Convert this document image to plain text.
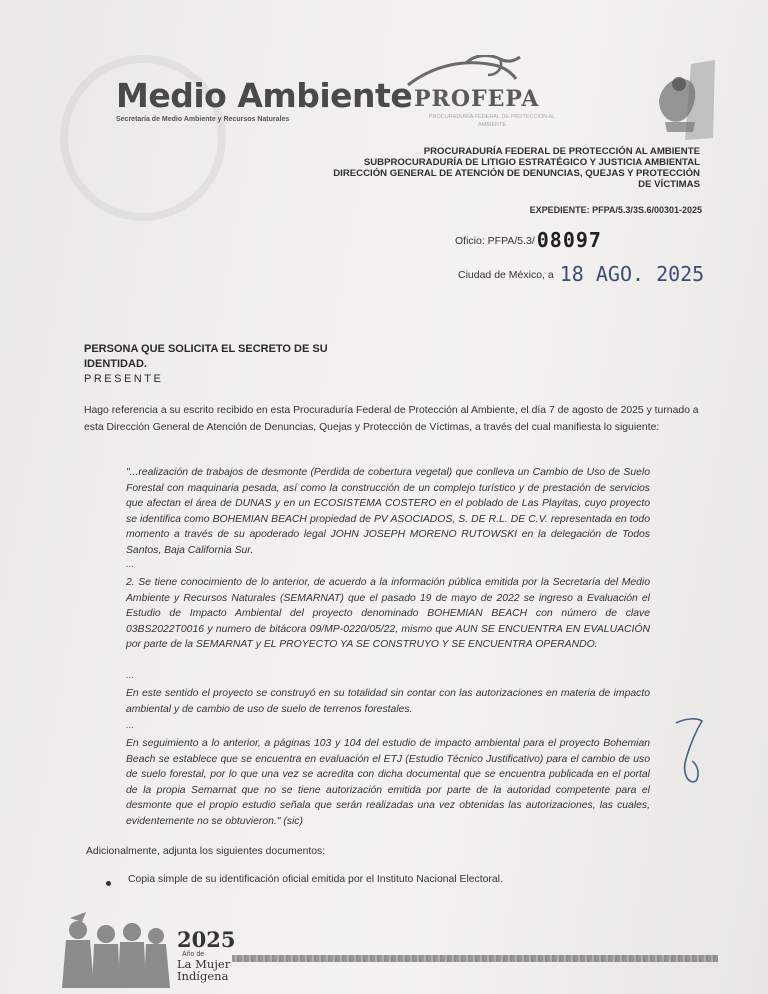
Medio Ambiente
Secretaría de Medio Ambiente y Recursos Naturales
PROFEPA
PROCURADURÍA FEDERAL DE PROTECCIÓN AL AMBIENTE
PROCURADURÍA FEDERAL DE PROTECCIÓN AL AMBIENTE
SUBPROCURADURÍA DE LITIGIO ESTRATÉGICO Y JUSTICIA AMBIENTAL
DIRECCIÓN GENERAL DE ATENCIÓN DE DENUNCIAS, QUEJAS Y PROTECCIÓN
DE VÍCTIMAS
EXPEDIENTE: PFPA/5.3/3S.6/00301-2025
Oficio: PFPA/5.3/ 08097
Ciudad de México, a 18 AGO. 2025
PERSONA QUE SOLICITA EL SECRETO DE SU IDENTIDAD.
PRESENTE
Hago referencia a su escrito recibido en esta Procuraduría Federal de Protección al Ambiente, el día 7 de agosto de 2025 y turnado a esta Dirección General de Atención de Denuncias, Quejas y Protección de Víctimas, a través del cual manifiesta lo siguiente:
"...realización de trabajos de desmonte (Perdida de cobertura vegetal) que conlleva un Cambio de Uso de Suelo Forestal con maquinaria pesada, así como la construcción de un complejo turístico y de prestación de servicios que afectan el área de DUNAS y en un ECOSISTEMA COSTERO en el poblado de Las Playitas, cuyo proyecto se identifica como BOHEMIAN BEACH propiedad de PV ASOCIADOS, S. DE R.L. DE C.V. representada en todo momento a través de su apoderado legal JOHN JOSEPH MORENO RUTOWSKI en la delegación de Todos Santos, Baja California Sur.
...
2. Se tiene conocimiento de lo anterior, de acuerdo a la información pública emitida por la Secretaría del Medio Ambiente y Recursos Naturales (SEMARNAT) que el pasado 19 de mayo de 2022 se ingreso a Evaluación el Estudio de Impacto Ambiental del proyecto denominado BOHEMIAN BEACH con número de clave 03BS2022T0016 y numero de bitácora 09/MP-0220/05/22, mismo que AUN SE ENCUENTRA EN EVALUACIÓN por parte de la SEMARNAT y EL PROYECTO YA SE CONSTRUYO Y SE ENCUENTRA OPERANDO.
...
En este sentido el proyecto se construyó en su totalidad sin contar con las autorizaciones en materia de impacto ambiental y de cambio de uso de suelo de terrenos forestales.
...
En seguimiento a lo anterior, a páginas 103 y 104 del estudio de impacto ambiental para el proyecto Bohemian Beach se establece que se encuentra en evaluación el ETJ (Estudio Técnico Justificativo) para el cambio de uso de suelo forestal, por lo que una vez se acredita con dicha documental que se encuentra publicada en el portal de la propia Semarnat que no se tiene autorización emitida por parte de la autoridad competente para el desmonte que el propio estudio señala que serán realizadas una vez obtenidas las autorizaciones, las cuales, evidentemente no se obtuvieron." (sic)
Adicionalmente, adjunta los siguientes documentos:
Copia simple de su identificación oficial emitida por el Instituto Nacional Electoral.
2025
Año de
La Mujer Indígena
